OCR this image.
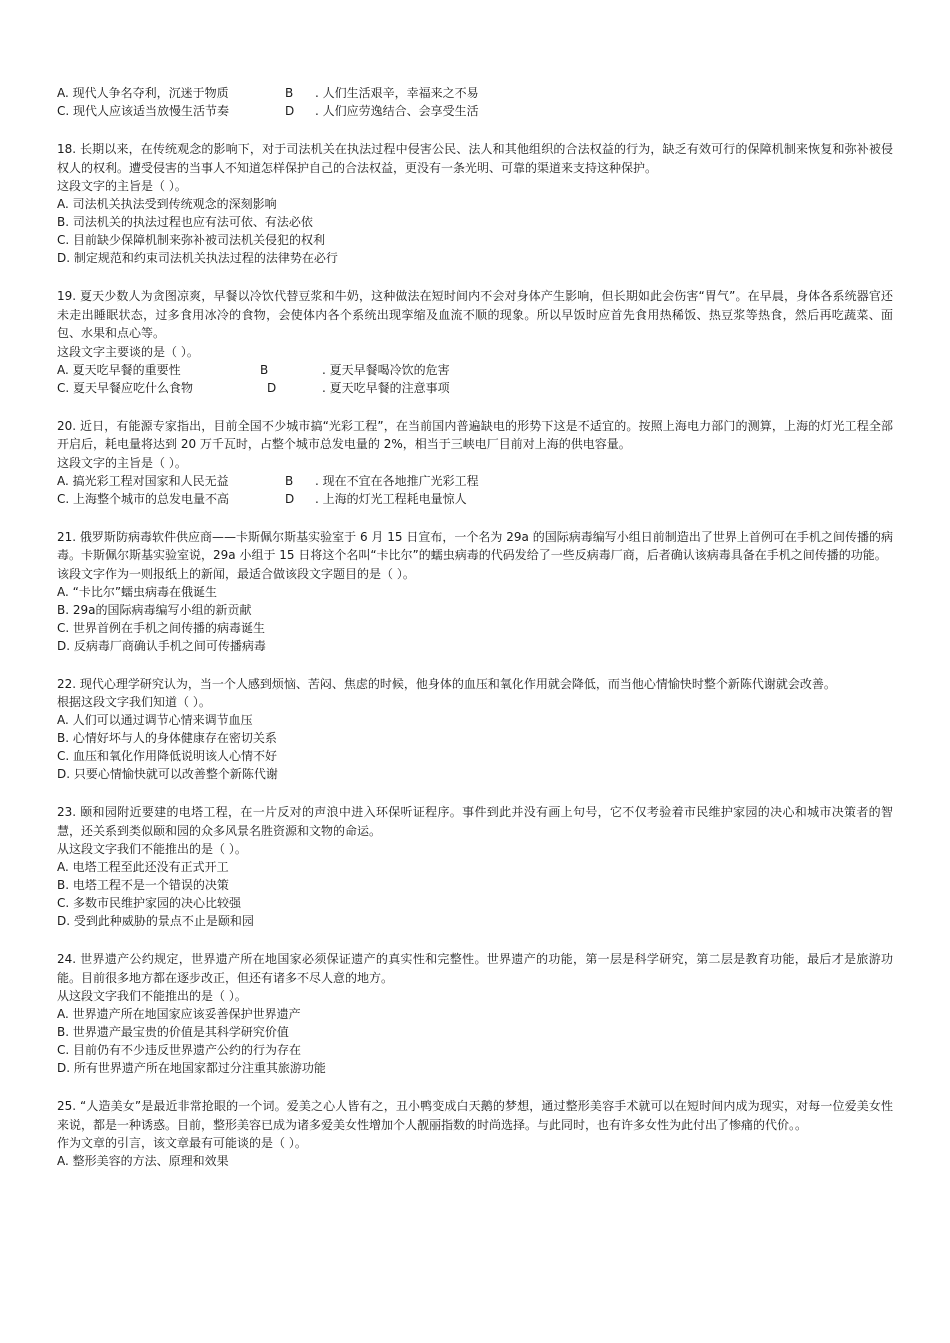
A. 现代人争名夺利，沉迷于物质	B	. 人们生活艰辛，幸福来之不易
C. 现代人应该适当放慢生活节奏	D	. 人们应劳逸结合、会享受生活
18. 长期以来，在传统观念的影响下，对于司法机关在执法过程中侵害公民、法人和其他组织的合法权益的行为，缺乏有效可行的保障机制来恢复和弥补被侵权人的权利。遭受侵害的当事人不知道怎样保护自己的合法权益，更没有一条光明、可靠的渠道来支持这种保护。
这段文字的主旨是（ ）。
A. 司法机关执法受到传统观念的深刻影响
B. 司法机关的执法过程也应有法可依、有法必依
C. 目前缺少保障机制来弥补被司法机关侵犯的权利
D. 制定规范和约束司法机关执法过程的法律势在必行
19. 夏天少数人为贪图凉爽，早餐以冷饮代替豆浆和牛奶，这种做法在短时间内不会对身体产生影响，但长期如此会伤害“胃气”。在早晨，身体各系统器官还未走出睡眠状态，过多食用冰冷的食物，会使体内各个系统出现挛缩及血流不顺的现象。所以早饭时应首先食用热稀饭、热豆浆等热食，然后再吃蔬菜、面包、水果和点心等。
这段文字主要谈的是（ ）。
A. 夏天吃早餐的重要性	B	. 夏天早餐喝冷饮的危害
C. 夏天早餐应吃什么食物	D	. 夏天吃早餐的注意事项
20. 近日，有能源专家指出，目前全国不少城市搞“光彩工程”，在当前国内普遍缺电的形势下这是不适宜的。按照上海电力部门的测算，上海的灯光工程全部开启后，耗电量将达到 20 万千瓦时，占整个城市总发电量的 2%，相当于三峡电厂目前对上海的供电容量。
这段文字的主旨是（ ）。
A. 搞光彩工程对国家和人民无益	B	. 现在不宜在各地推广光彩工程
C. 上海整个城市的总发电量不高	D	. 上海的灯光工程耗电量惊人
21. 俄罗斯防病毒软件供应商——卡斯佩尔斯基实验室于 6 月 15 日宣布，一个名为 29a 的国际病毒编写小组日前制造出了世界上首例可在手机之间传播的病毒。卡斯佩尔斯基实验室说，29a 小组于 15 日将这个名叫“卡比尔”的蠕虫病毒的代码发给了一些反病毒厂商，后者确认该病毒具备在手机之间传播的功能。
该段文字作为一则报纸上的新闻，最适合做该段文字题目的是（ ）。
A. “卡比尔”蠕虫病毒在俄诞生
B. 29a的国际病毒编写小组的新贡献
C. 世界首例在手机之间传播的病毒诞生
D. 反病毒厂商确认手机之间可传播病毒
22. 现代心理学研究认为，当一个人感到烦恼、苦闷、焦虑的时候，他身体的血压和氧化作用就会降低，而当他心情愉快时整个新陈代谢就会改善。
根据这段文字我们知道（ ）。
A. 人们可以通过调节心情来调节血压
B. 心情好坏与人的身体健康存在密切关系
C. 血压和氧化作用降低说明该人心情不好
D. 只要心情愉快就可以改善整个新陈代谢
23. 颐和园附近要建的电塔工程，在一片反对的声浪中进入环保听证程序。事件到此并没有画上句号，它不仅考验着市民维护家园的决心和城市决策者的智慧，还关系到类似颐和园的众多风景名胜资源和文物的命运。
从这段文字我们不能推出的是（ ）。
A. 电塔工程至此还没有正式开工
B. 电塔工程不是一个错误的决策
C. 多数市民维护家园的决心比较强
D. 受到此种威胁的景点不止是颐和园
24. 世界遗产公约规定，世界遗产所在地国家必须保证遗产的真实性和完整性。世界遗产的功能，第一层是科学研究，第二层是教育功能，最后才是旅游功能。目前很多地方都在逐步改正，但还有诸多不尽人意的地方。
从这段文字我们不能推出的是（ ）。
A. 世界遗产所在地国家应该妥善保护世界遗产
B. 世界遗产最宝贵的价值是其科学研究价值
C. 目前仍有不少违反世界遗产公约的行为存在
D. 所有世界遗产所在地国家都过分注重其旅游功能
25. “人造美女”是最近非常抢眼的一个词。爱美之心人皆有之，丑小鸭变成白天鹅的梦想，通过整形美容手术就可以在短时间内成为现实，对每一位爱美女性来说，都是一种诱惑。目前，整形美容已成为诸多爱美女性增加个人靓丽指数的时尚选择。与此同时，也有许多女性为此付出了惨痛的代价。。
作为文章的引言，该文章最有可能谈的是（ ）。
A. 整形美容的方法、原理和效果
